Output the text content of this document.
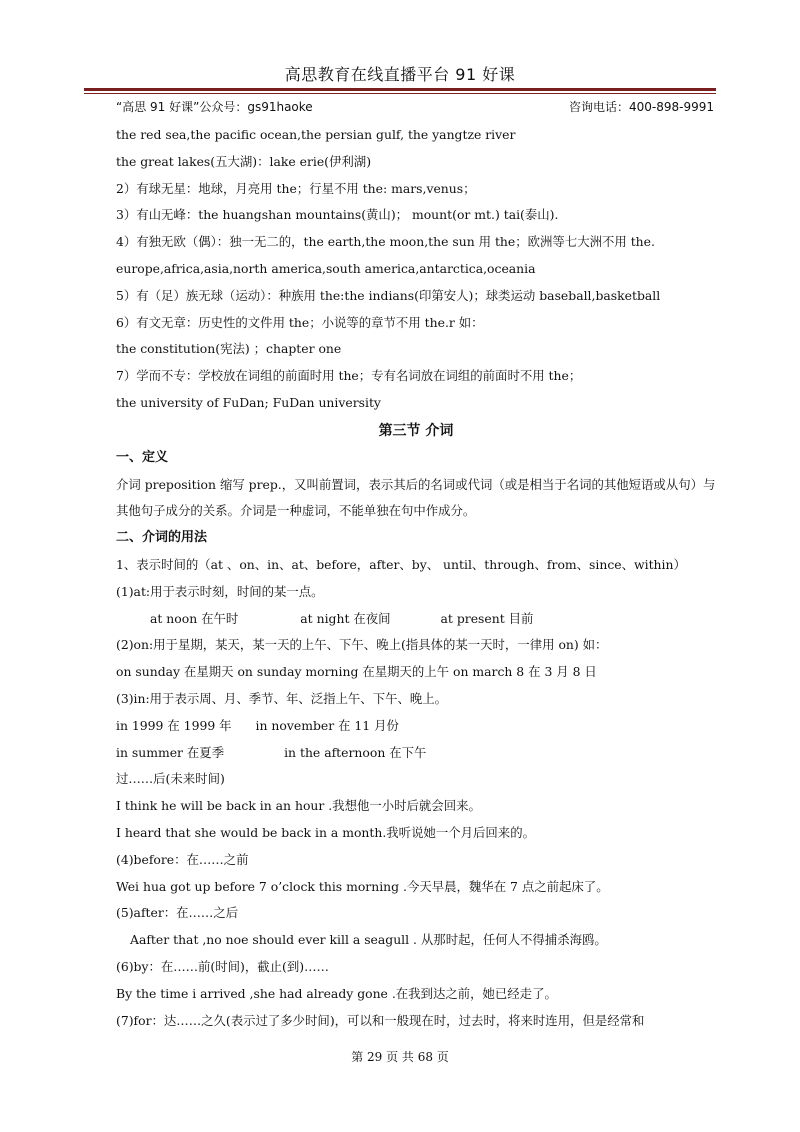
高思教育在线直播平台 91 好课
“高思 91 好课”公众号：gs91haoke	咨询电话：400-898-9991
the red sea,the pacific ocean,the persian gulf, the yangtze river
the great lakes(五大湖)：lake erie(伊利湖)
2）有球无星：地球，月亮用 the；行星不用 the: mars,venus；
3）有山无峰：the huangshan mountains(黄山)； mount(or mt.) tai(泰山).
4）有独无欧（偶）：独一无二的，the earth,the moon,the sun 用 the；欧洲等七大洲不用 the.
europe,africa,asia,north america,south america,antarctica,oceania
5）有（足）族无球（运动）：种族用 the:the indians(印第安人)；球类运动 baseball,basketball
6）有文无章：历史性的文件用 the；小说等的章节不用 the.r 如：
the constitution(宪法) ；chapter one
7）学而不专：学校放在词组的前面时用 the；专有名词放在词组的前面时不用 the；
the university of FuDan; FuDan university
第三节 介词
一、定义
介词 preposition 缩写 prep.，又叫前置词，表示其后的名词或代词（或是相当于名词的其他短语或从句）与其他句子成分的关系。介词是一种虚词，不能单独在句中作成分。
二、介词的用法
1、表示时间的（at 、on、in、at、before，after、by、 until、through、from、since、within）
(1)at:用于表示时刻，时间的某一点。
at noon 在午时	at night 在夜间	at present 目前
(2)on:用于星期，某天，某一天的上午、下午、晚上(指具体的某一天时，一律用 on) 如：
on sunday 在星期天 on sunday morning 在星期天的上午 on march 8 在 3 月 8 日
(3)in:用于表示周、月、季节、年、泛指上午、下午、晚上。
in 1999 在 1999 年 in november 在 11 月份
in summer 在夏季	in the afternoon 在下午
过……后(未来时间)
I think he will be back in an hour .我想他一小时后就会回来。
I heard that she would be back in a month.我听说她一个月后回来的。
(4)before：在……之前
Wei hua got up before 7 o’clock this morning .今天早晨，魏华在 7 点之前起床了。
(5)after：在……之后
Aafter that ,no noe should ever kill a seagull . 从那时起，任何人不得捕杀海鸥。
(6)by：在……前(时间)，截止(到)……
By the time i arrived ,she had already gone .在我到达之前，她已经走了。
(7)for：达……之久(表示过了多少时间)，可以和一般现在时，过去时，将来时连用，但是经常和
第 29 页 共 68 页
